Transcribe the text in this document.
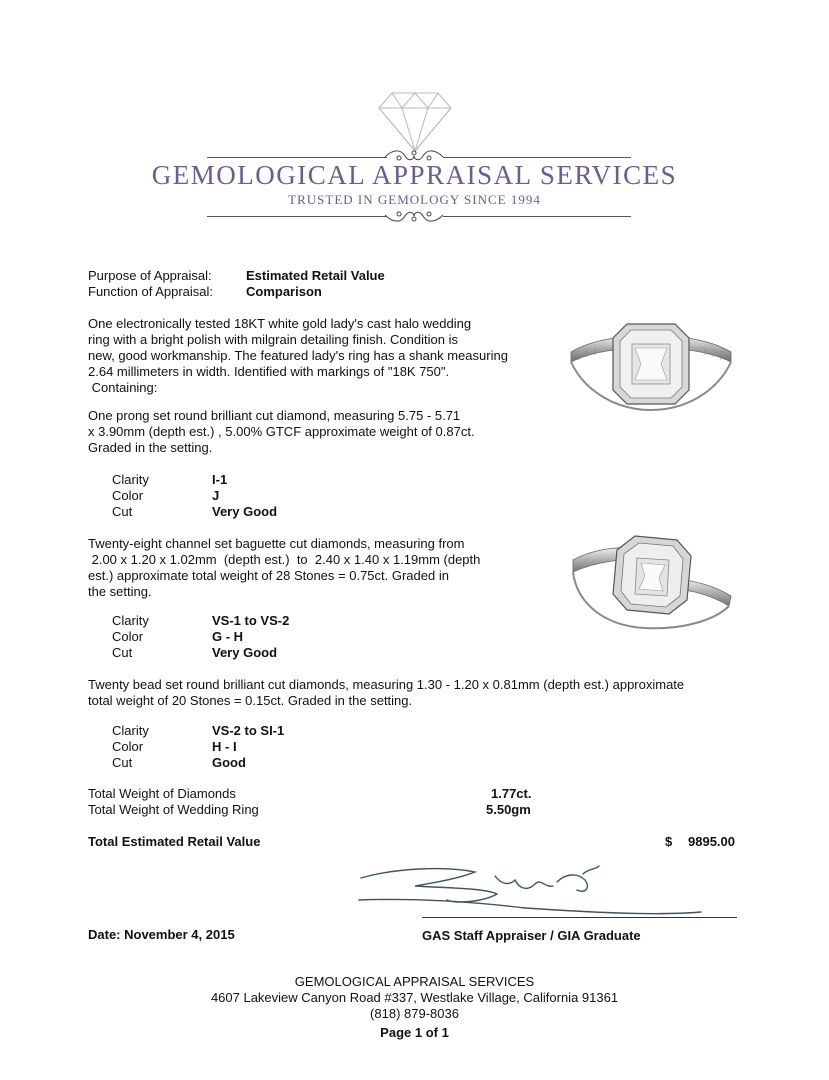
GEMOLOGICAL APPRAISAL SERVICES
TRUSTED IN GEMOLOGY SINCE 1994
Purpose of Appraisal:	Estimated Retail Value
Function of Appraisal:	Comparison
One electronically tested 18KT white gold lady's cast halo wedding
ring with a bright polish with milgrain detailing finish. Condition is
new, good workmanship. The featured lady's ring has a shank measuring
2.64 millimeters in width. Identified with markings of "18K 750".
Containing:
One prong set round brilliant cut diamond, measuring 5.75 - 5.71
x 3.90mm (depth est.) , 5.00% GTCF approximate weight of 0.87ct.
Graded in the setting.
Clarity	I-1
Color	J
Cut	Very Good
Twenty-eight channel set baguette cut diamonds, measuring from
2.00 x 1.20 x 1.02mm  (depth est.)  to  2.40 x 1.40 x 1.19mm (depth
est.) approximate total weight of 28 Stones = 0.75ct. Graded in
the setting.
Clarity	VS-1 to VS-2
Color	G - H
Cut	Very Good
Twenty bead set round brilliant cut diamonds, measuring 1.30 - 1.20 x 0.81mm (depth est.) approximate
total weight of 20 Stones = 0.15ct. Graded in the setting.
Clarity	VS-2 to SI-1
Color	H - I
Cut	Good
Total Weight of Diamonds	1.77ct.
Total Weight of Wedding Ring	5.50gm
Total Estimated Retail Value	$ 9895.00
Date: November 4, 2015	GAS Staff Appraiser / GIA Graduate
GEMOLOGICAL APPRAISAL SERVICES
4607 Lakeview Canyon Road #337, Westlake Village, California 91361
(818) 879-8036
Page 1 of 1
